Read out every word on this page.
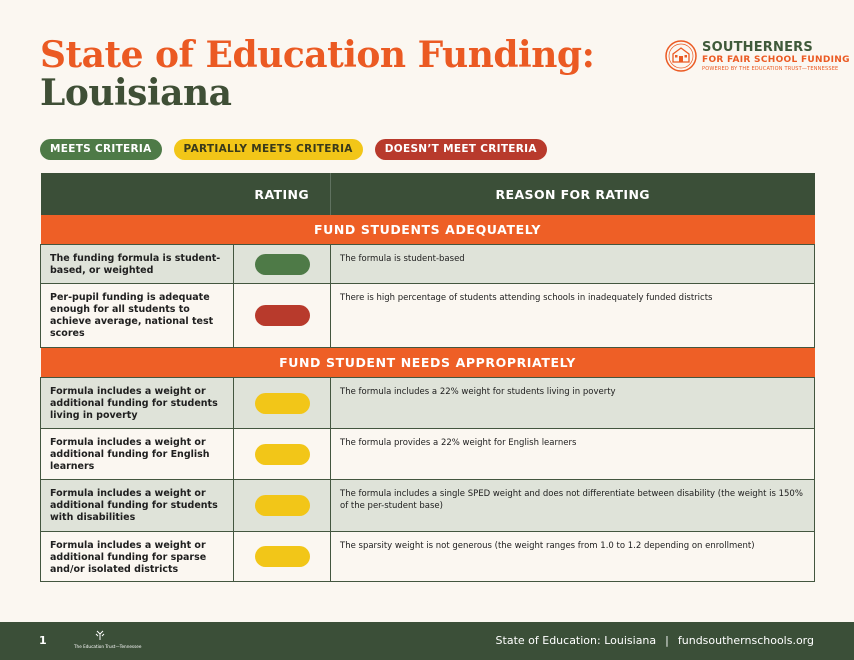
State of Education Funding:
Louisiana
SOUTHERNERS
FOR FAIR SCHOOL FUNDING
POWERED BY THE EDUCATION TRUST—TENNESSEE
MEETS CRITERIA	PARTIALLY MEETS CRITERIA	DOESN’T MEET CRITERIA
	RATING	REASON FOR RATING
FUND STUDENTS ADEQUATELY		
The funding formula is student-based, or weighted		The formula is student-based
Per-pupil funding is adequate enough for all students to achieve average, national test scores		There is high percentage of students attending schools in inadequately funded districts
FUND STUDENT NEEDS APPROPRIATELY		
Formula includes a weight or additional funding for students living in poverty		The formula includes a 22% weight for students living in poverty
Formula includes a weight or additional funding for English learners		The formula provides a 22% weight for English learners
Formula includes a weight or additional funding for students with disabilities		The formula includes a single SPED weight and does not differentiate between disability (the weight is 150% of the per-student base)
Formula includes a weight or additional funding for sparse and/or isolated districts		The sparsity weight is not generous (the weight ranges from 1.0 to 1.2 depending on enrollment)
1	The Education Trust—Tennessee	State of Education: Louisiana | fundsouthernschools.org
